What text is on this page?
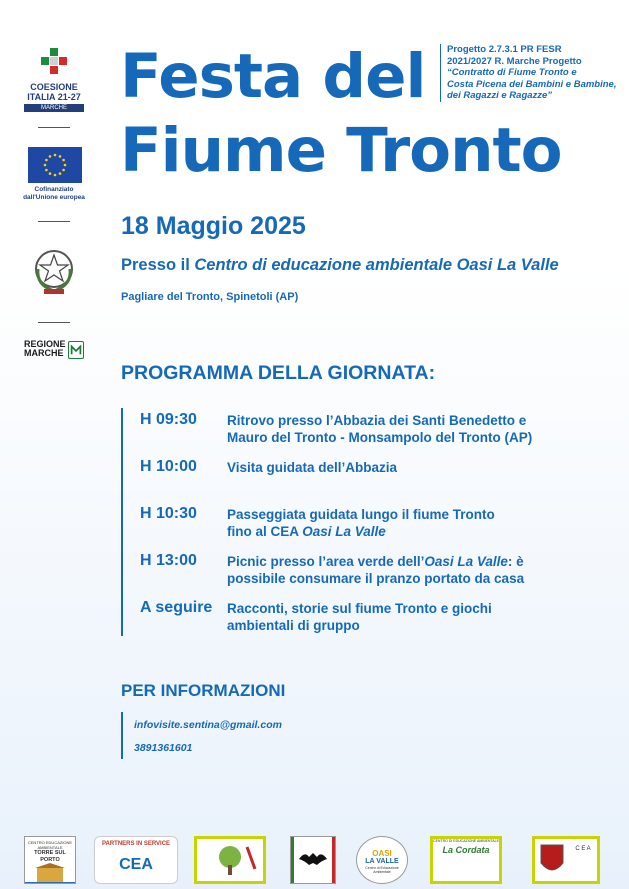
COESIONE
ITALIA 21-27
MARCHE
Cofinanziato
dall'Unione europea
REGIONE
MARCHE
Festa del
Fiume Tronto
Progetto 2.7.3.1 PR FESR
2021/2027 R. Marche Progetto
“Contratto di Fiume Tronto e
Costa Picena dei Bambini e Bambine,
dei Ragazzi e Ragazze”
18 Maggio 2025
Presso il Centro di educazione ambientale Oasi La Valle
Pagliare del Tronto, Spinetoli (AP)
PROGRAMMA DELLA GIORNATA:
H 09:30 Ritrovo presso l’Abbazia dei Santi Benedetto e
Mauro del Tronto - Monsampolo del Tronto (AP)
H 10:00 Visita guidata dell’Abbazia
H 10:30 Passeggiata guidata lungo il fiume Tronto
fino al CEA Oasi La Valle
H 13:00 Picnic presso l’area verde dell’Oasi La Valle: è
possibile consumare il pranzo portato da casa
A seguire Racconti, storie sul fiume Tronto e giochi
ambientali di gruppo
PER INFORMAZIONI
infovisite.sentina@gmail.com
3891361601
CENTRO EDUCAZIONE AMBIENTALE
TORRE SUL PORTO
PARTNERS IN SERVICE
CEA
OASI
LA VALLE
Centro di Educazione Ambientale
CENTRO DI EDUCAZIONE AMBIENTALE
La Cordata	C E A
